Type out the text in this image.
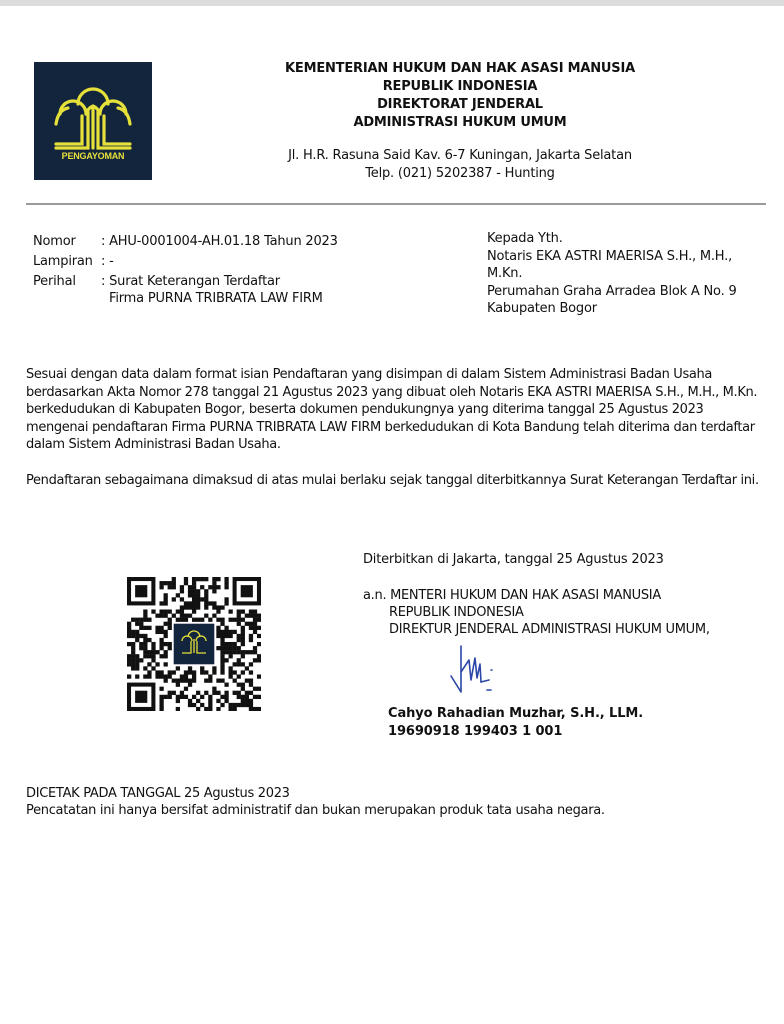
PENGAYOMAN
KEMENTERIAN HUKUM DAN HAK ASASI MANUSIA
REPUBLIK INDONESIA
DIREKTORAT JENDERAL
ADMINISTRASI HUKUM UMUM
Jl. H.R. Rasuna Said Kav. 6-7 Kuningan, Jakarta Selatan
Telp. (021) 5202387 - Hunting
Nomor	: AHU-0001004-AH.01.18 Tahun 2023
Lampiran : -
Perihal	: Surat Keterangan Terdaftar
Firma PURNA TRIBRATA LAW FIRM
Kepada Yth.
Notaris EKA ASTRI MAERISA S.H., M.H.,
M.Kn.
Perumahan Graha Arradea Blok A No. 9
Kabupaten Bogor
Sesuai dengan data dalam format isian Pendaftaran yang disimpan di dalam Sistem Administrasi Badan Usaha berdasarkan Akta Nomor 278 tanggal 21 Agustus 2023 yang dibuat oleh Notaris EKA ASTRI MAERISA S.H., M.H., M.Kn. berkedudukan di Kabupaten Bogor, beserta dokumen pendukungnya yang diterima tanggal 25 Agustus 2023 mengenai pendaftaran Firma PURNA TRIBRATA LAW FIRM berkedudukan di Kota Bandung telah diterima dan terdaftar dalam Sistem Administrasi Badan Usaha.
Pendaftaran sebagaimana dimaksud di atas mulai berlaku sejak tanggal diterbitkannya Surat Keterangan Terdaftar ini.
Diterbitkan di Jakarta, tanggal 25 Agustus 2023
a.n. MENTERI HUKUM DAN HAK ASASI MANUSIA
REPUBLIK INDONESIA
DIREKTUR JENDERAL ADMINISTRASI HUKUM UMUM,
Cahyo Rahadian Muzhar, S.H., LLM.
19690918 199403 1 001
DICETAK PADA TANGGAL 25 Agustus 2023
Pencatatan ini hanya bersifat administratif dan bukan merupakan produk tata usaha negara.
